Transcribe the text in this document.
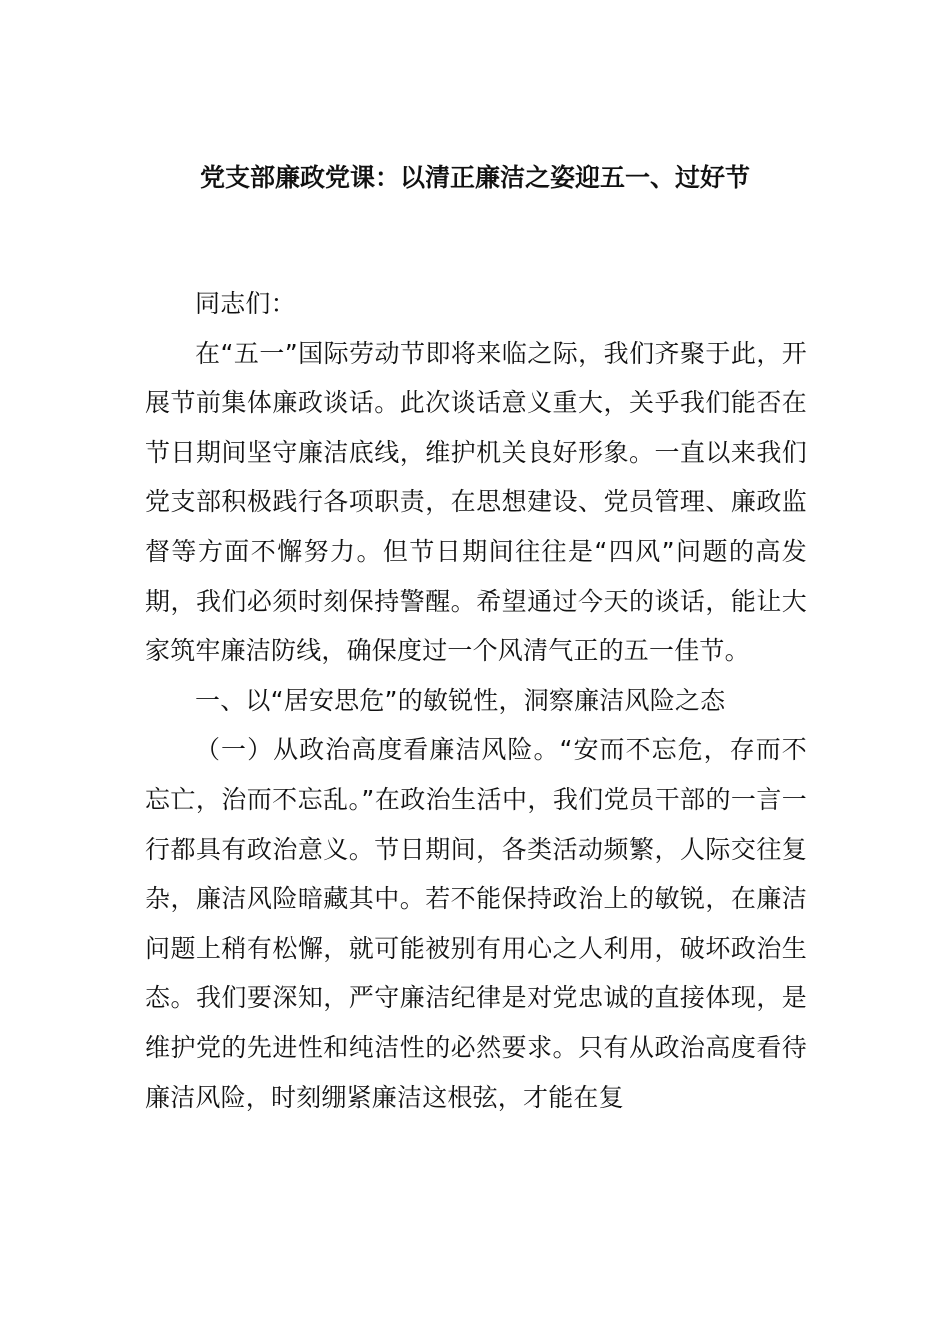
党支部廉政党课：以清正廉洁之姿迎五一、过好节

同志们：

在“五一”国际劳动节即将来临之际，我们齐聚于此，开展节前集体廉政谈话。此次谈话意义重大，关乎我们能否在节日期间坚守廉洁底线，维护机关良好形象。一直以来我们党支部积极践行各项职责，在思想建设、党员管理、廉政监督等方面不懈努力。但节日期间往往是“四风”问题的高发期，我们必须时刻保持警醒。希望通过今天的谈话，能让大家筑牢廉洁防线，确保度过一个风清气正的五一佳节。

一、以“居安思危”的敏锐性，洞察廉洁风险之态

（一）从政治高度看廉洁风险。“安而不忘危，存而不忘亡，治而不忘乱。”在政治生活中，我们党员干部的一言一行都具有政治意义。节日期间，各类活动频繁，人际交往复杂，廉洁风险暗藏其中。若不能保持政治上的敏锐，在廉洁问题上稍有松懈，就可能被别有用心之人利用，破坏政治生态。我们要深知，严守廉洁纪律是对党忠诚的直接体现，是维护党的先进性和纯洁性的必然要求。只有从政治高度看待廉洁风险，时刻绷紧廉洁这根弦，才能在复
